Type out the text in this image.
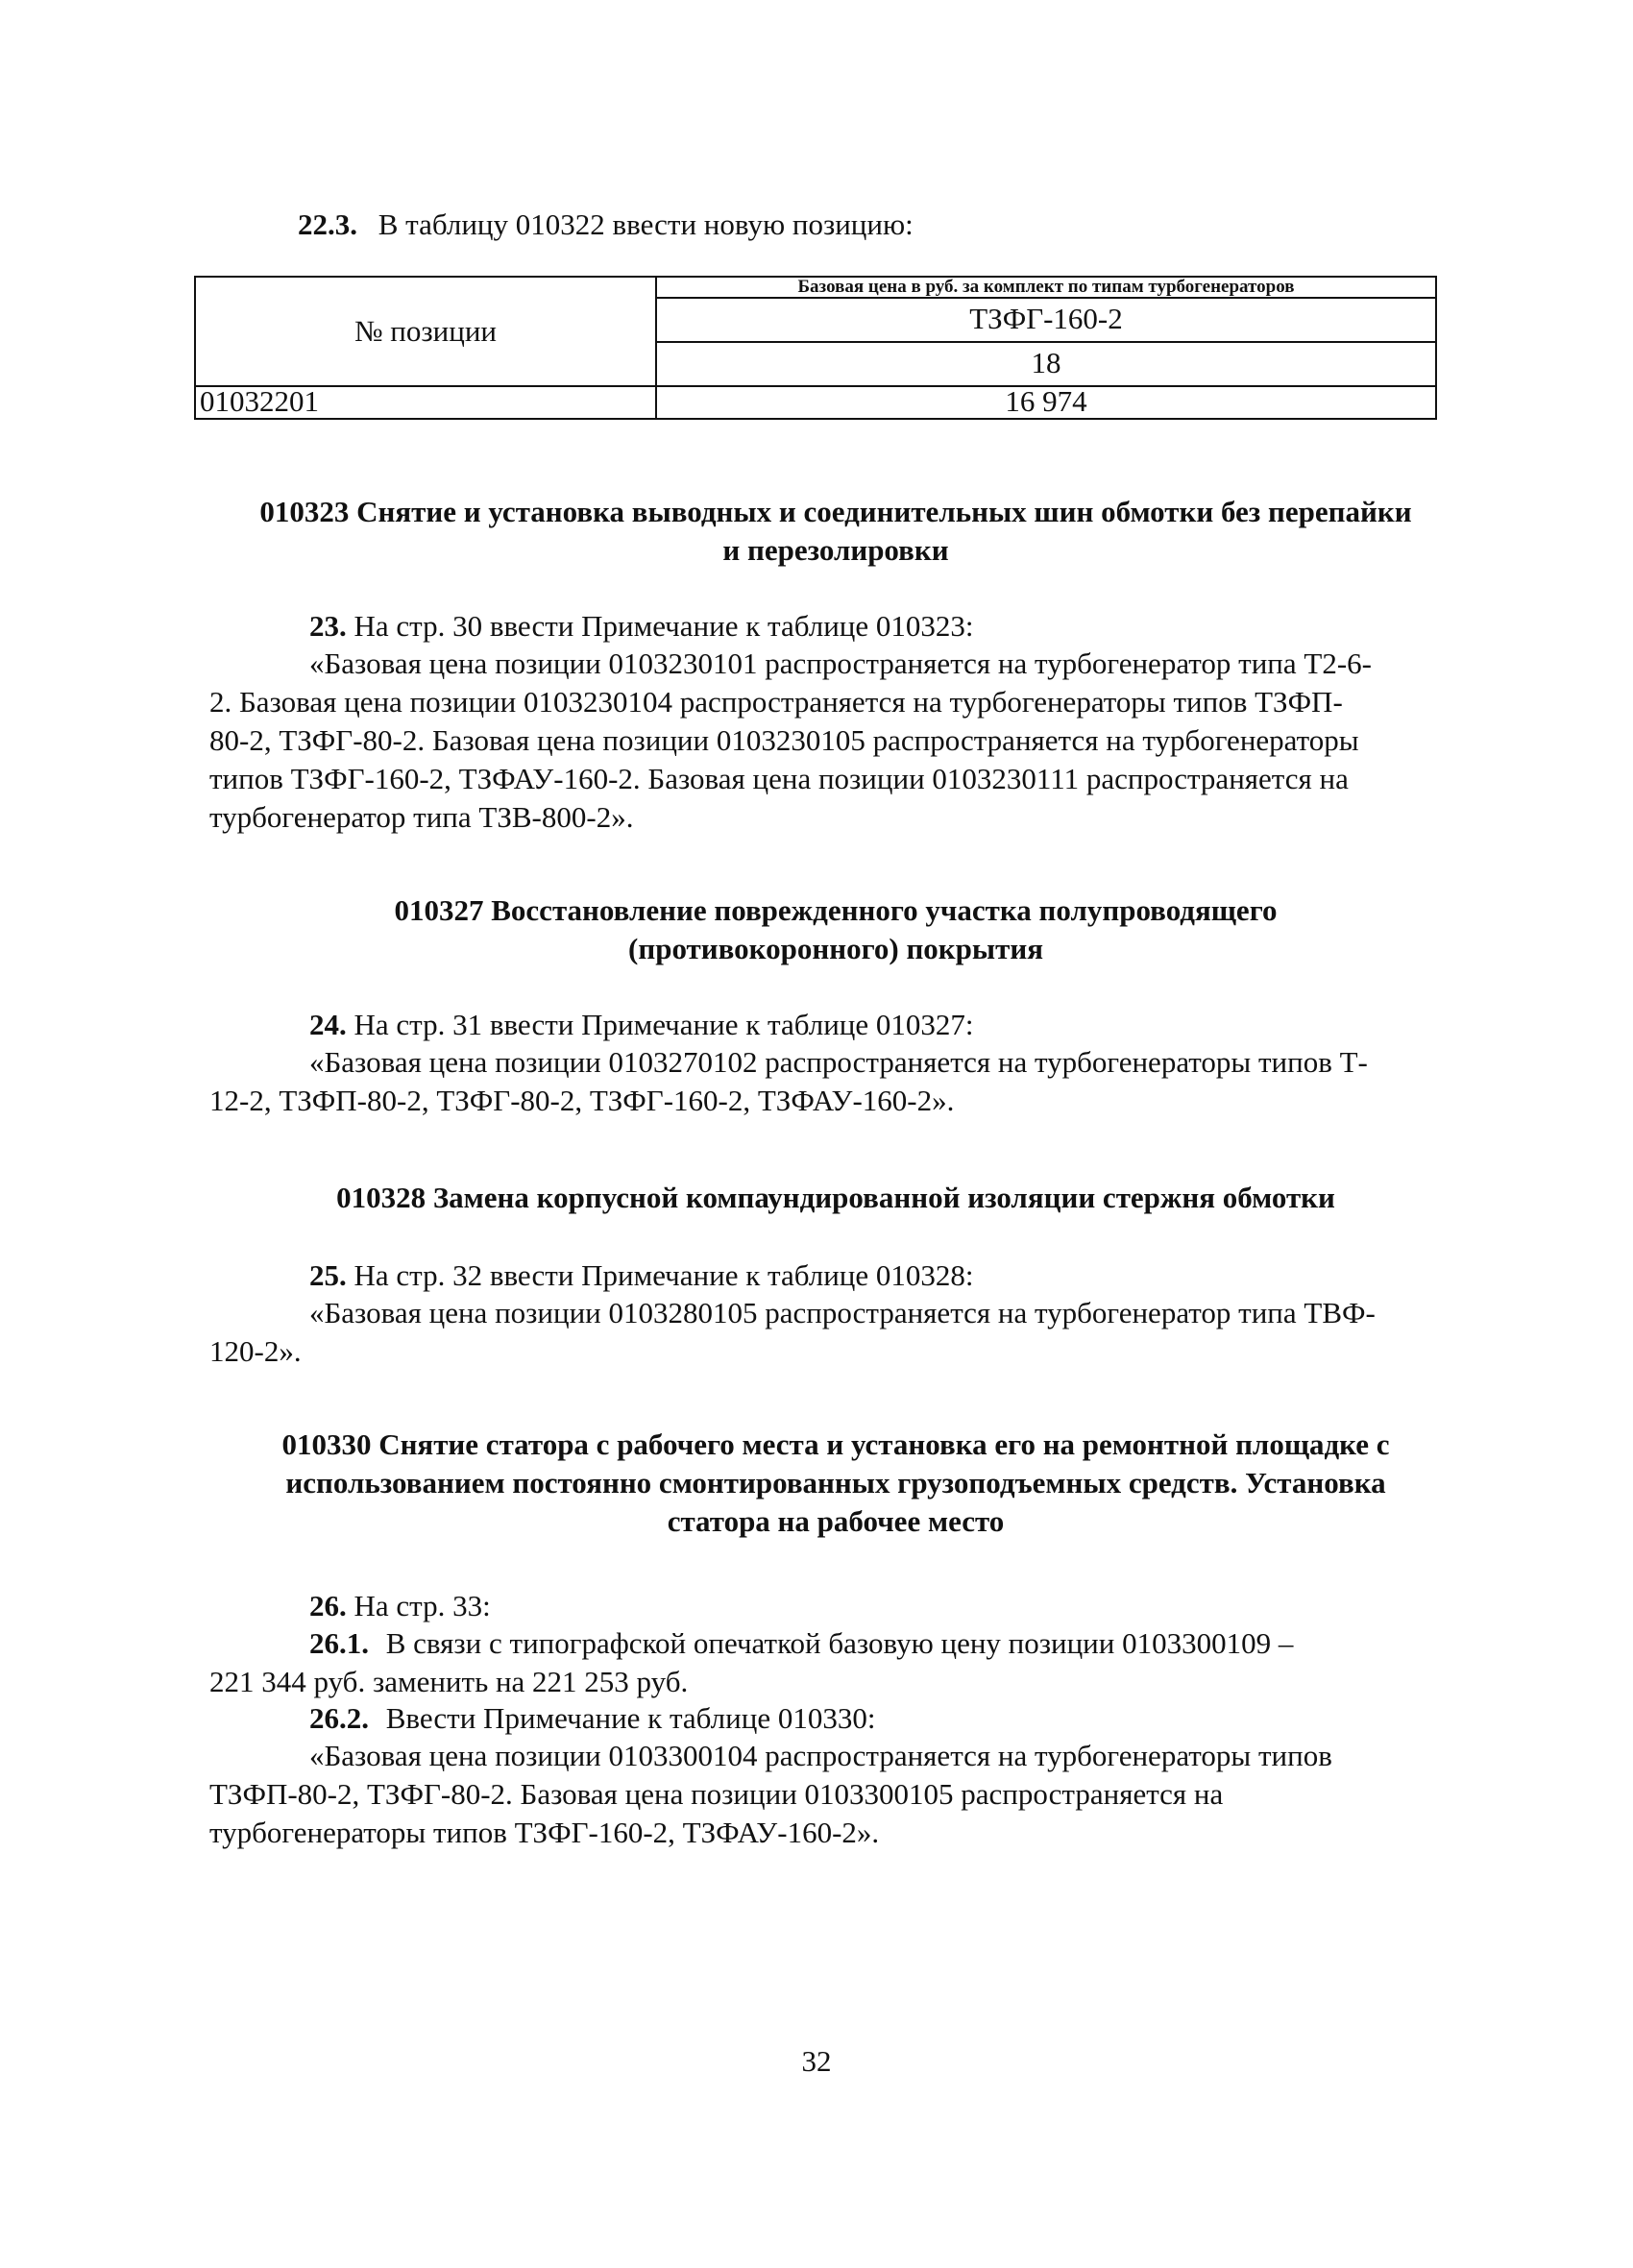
22.3. В таблицу 010322 ввести новую позицию:
№ позиции
Базовая цена в руб. за комплект по типам турбогенераторов
ТЗФГ-160-2
18
01032201	16 974
010323 Снятие и установка выводных и соединительных шин обмотки без перепайки
и перезолировки
23. На стр. 30 ввести Примечание к таблице 010323:
«Базовая цена позиции 0103230101 распространяется на турбогенератор типа Т2-6-
2. Базовая цена позиции 0103230104 распространяется на турбогенераторы типов ТЗФП-
80-2, ТЗФГ-80-2. Базовая цена позиции 0103230105 распространяется на турбогенераторы
типов ТЗФГ-160-2, ТЗФАУ-160-2. Базовая цена позиции 0103230111 распространяется на
турбогенератор типа ТЗВ-800-2».
010327 Восстановление поврежденного участка полупроводящего
(противокоронного) покрытия
24. На стр. 31 ввести Примечание к таблице 010327:
«Базовая цена позиции 0103270102 распространяется на турбогенераторы типов Т-
12-2, ТЗФП-80-2, ТЗФГ-80-2, ТЗФГ-160-2, ТЗФАУ-160-2».
010328 Замена корпусной компаундированной изоляции стержня обмотки
25. На стр. 32 ввести Примечание к таблице 010328:
«Базовая цена позиции 0103280105 распространяется на турбогенератор типа ТВФ-
120-2».
010330 Снятие статора с рабочего места и установка его на ремонтной площадке с
использованием постоянно смонтированных грузоподъемных средств. Установка
статора на рабочее место
26. На стр. 33:
26.1. В связи с типографской опечаткой базовую цену позиции 0103300109 –
221 344 руб. заменить на 221 253 руб.
26.2. Ввести Примечание к таблице 010330:
«Базовая цена позиции 0103300104 распространяется на турбогенераторы типов
ТЗФП-80-2, ТЗФГ-80-2. Базовая цена позиции 0103300105 распространяется на
турбогенераторы типов ТЗФГ-160-2, ТЗФАУ-160-2».
32
